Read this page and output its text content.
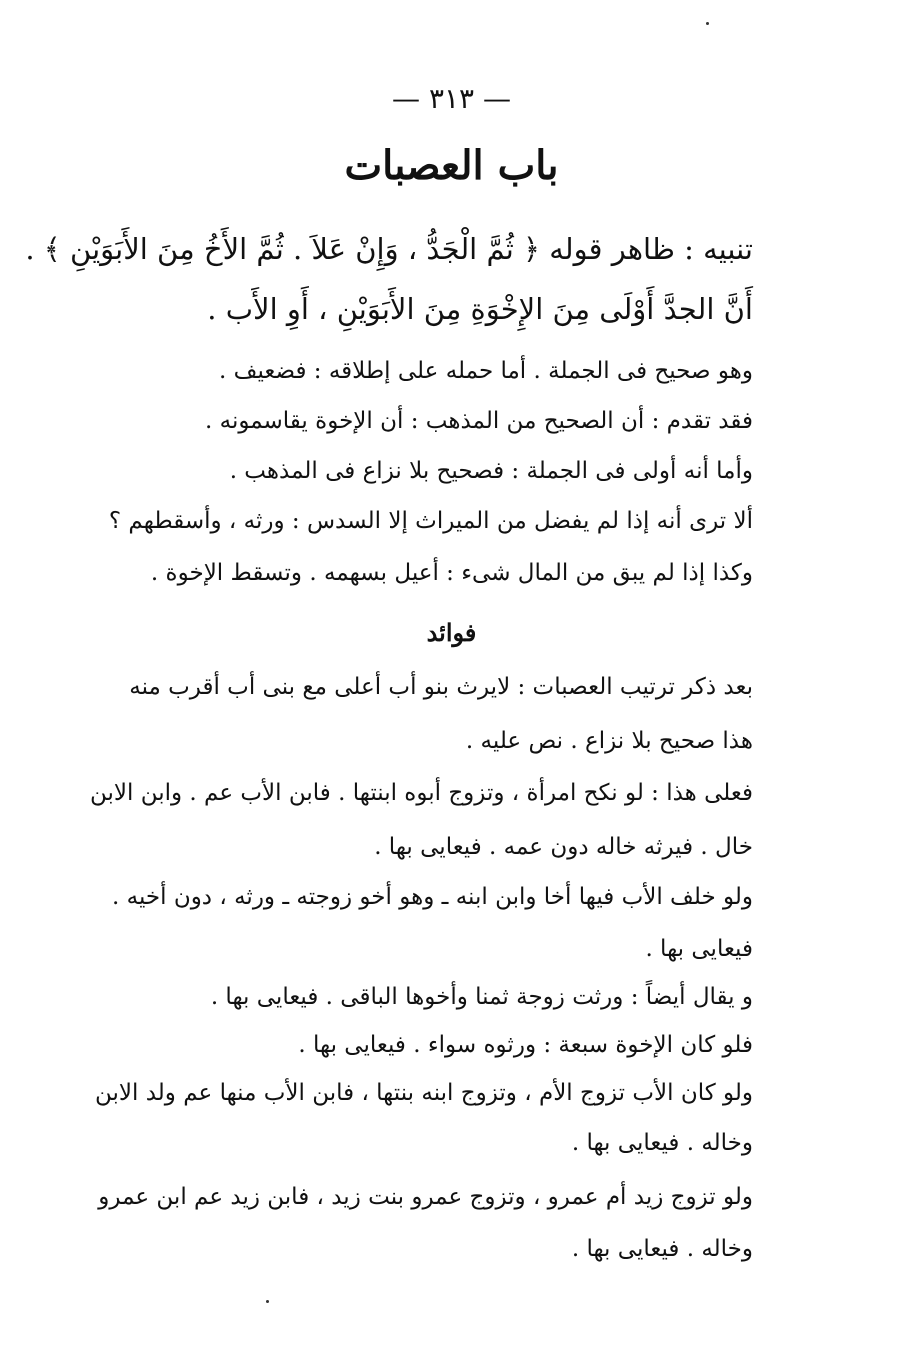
— ٣١٣ —
باب العصبات
تنبيه : ظاهر قوله ﴿ ثُمَّ الْجَدُّ ، وَإِنْ عَلاَ . ثُمَّ الأَخُ مِنَ الأَبَوَيْنِ ﴾ .
أَنَّ الجدَّ أَوْلَى مِنَ الإِخْوَةِ مِنَ الأَبَوَيْنِ ، أَوِ الأَب .
وهو صحيح فى الجملة . أما حمله على إطلاقه : فضعيف .
فقد تقدم : أن الصحيح من المذهب : أن الإخوة يقاسمونه .
وأما أنه أولى فى الجملة : فصحيح بلا نزاع فى المذهب .
ألا ترى أنه إذا لم يفضل من الميراث إلا السدس : ورثه ، وأسقطهم ؟
وكذا إذا لم يبق من المال شىء : أعيل بسهمه . وتسقط الإخوة .
فوائد
بعد ذكر ترتيب العصبات : لايرث بنو أب أعلى مع بنى أب أقرب منه
هذا صحيح بلا نزاع . نص عليه .
فعلى هذا : لو نكح امرأة ، وتزوج أبوه ابنتها . فابن الأب عم . وابن الابن
خال . فيرثه خاله دون عمه . فيعايى بها .
ولو خلف الأب فيها أخا وابن ابنه ـ وهو أخو زوجته ـ ورثه ، دون أخيه .
فيعايى بها .
و يقال أيضاً : ورثت زوجة ثمنا وأخوها الباقى . فيعايى بها .
فلو كان الإخوة سبعة : ورثوه سواء . فيعايى بها .
ولو كان الأب تزوج الأم ، وتزوج ابنه بنتها ، فابن الأب منها عم ولد الابن
وخاله . فيعايى بها .
ولو تزوج زيد أم عمرو ، وتزوج عمرو بنت زيد ، فابن زيد عم ابن عمرو
وخاله . فيعايى بها .
